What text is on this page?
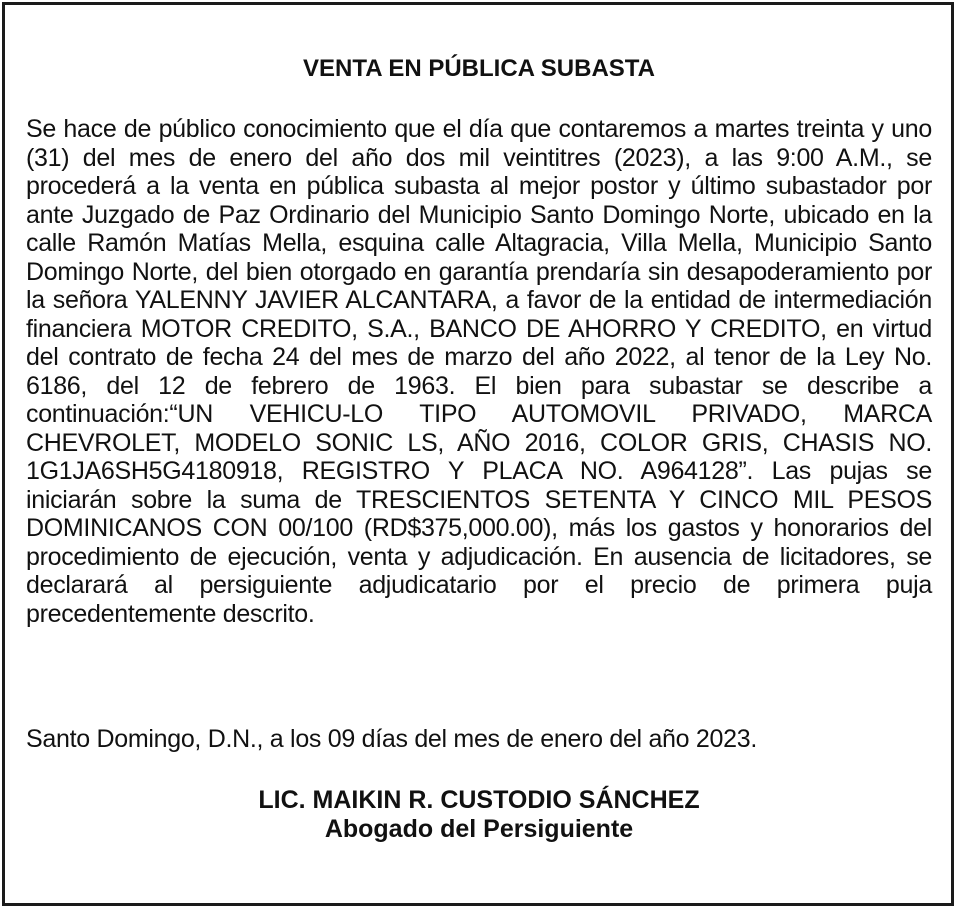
VENTA EN PÚBLICA SUBASTA

Se hace de público conocimiento que el día que contaremos a martes treinta y uno (31) del mes de enero del año dos mil veintitres (2023), a las 9:00 A.M., se procederá a la venta en pública subasta al mejor postor y último subastador por ante Juzgado de Paz Ordinario del Municipio Santo Domingo Norte, ubicado en la calle Ramón Matías Mella, esquina calle Altagracia, Villa Mella, Municipio Santo Domingo Norte, del bien otorgado en garantía prendaría sin desapoderamiento por la señora YALENNY JAVIER ALCANTARA, a favor de la entidad de intermediación financiera MOTOR CREDITO, S.A., BANCO DE AHORRO Y CREDITO, en virtud del contrato de fecha 24 del mes de marzo del año 2022, al tenor de la Ley No. 6186, del 12 de febrero de 1963. El bien para subastar se describe a continuación:“UN VEHICU-LO TIPO AUTOMOVIL PRIVADO, MARCA CHEVROLET, MODELO SONIC LS, AÑO 2016, COLOR GRIS, CHASIS NO. 1G1JA6SH5G4180918, REGISTRO Y PLACA NO. A964128”. Las pujas se iniciarán sobre la suma de TRESCIENTOS SETENTA Y CINCO MIL PESOS DOMINICANOS CON 00/100 (RD$375,000.00), más los gastos y honorarios del procedimiento de ejecución, venta y adjudicación. En ausencia de licitadores, se declarará al persiguiente adjudicatario por el precio de primera puja precedentemente descrito.

Santo Domingo, D.N., a los 09 días del mes de enero del año 2023.
LIC. MAIKIN R. CUSTODIO SÁNCHEZ
Abogado del Persiguiente
